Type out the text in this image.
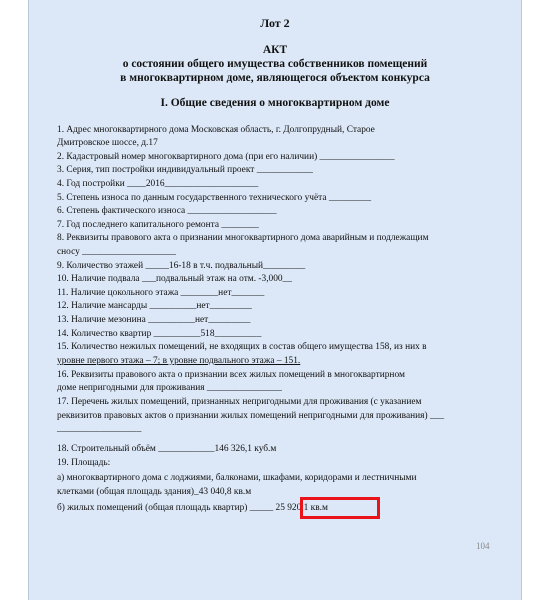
Лот 2
АКТ
о состоянии общего имущества собственников помещений
в многоквартирном доме, являющегося объектом конкурса
I. Общие сведения о многоквартирном доме
1. Адрес многоквартирного дома Московская область, г. Долгопрудный, Старое
Дмитровское шоссе, д.17
2. Кадастровый номер многоквартирного дома (при его наличии) ________________
3. Серия, тип постройки индивидуальный проект ____________
4. Год постройки ____2016____________________
5. Степень износа по данным государственного технического учёта _________
6. Степень фактического износа ___________________
7. Год последнего капитального ремонта ________
8. Реквизиты правового акта о признании многоквартирного дома аварийным и подлежащим
сносу ____________________
9. Количество этажей _____16-18 в т.ч. подвальный_________
10. Наличие подвала ___подвальный этаж на отм. -3,000__
11. Наличие цокольного этажа ________нет_______
12. Наличие мансарды __________нет_________
13. Наличие мезонина __________нет_________
14. Количество квартир __________518__________
15. Количество нежилых помещений, не входящих в состав общего имущества 158, из них в
уровне первого этажа – 7; в уровне подвального этажа – 151.
16. Реквизиты правового акта о признании всех жилых помещений в многоквартирном
доме непригодными для проживания ________________
17. Перечень жилых помещений, признанных непригодными для проживания (с указанием
реквизитов правовых актов о признании жилых помещений непригодными для проживания) ___
__________________
18. Строительный объём ____________146 326,1 куб.м
19. Площадь:
а) многоквартирного дома с лоджиями, балконами, шкафами, коридорами и лестничными
клетками (общая площадь здания)_43 040,8 кв.м
б) жилых помещений (общая площадь квартир) _____ 25 920,1 кв.м
104
